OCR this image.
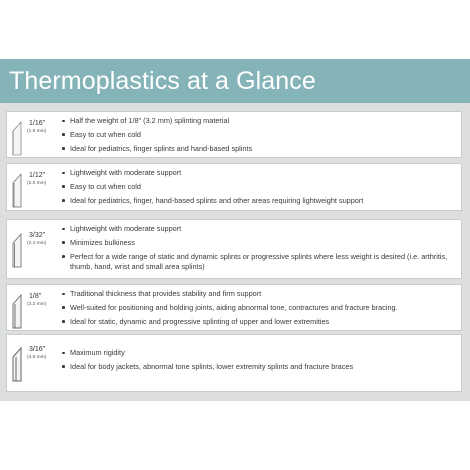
Thermoplastics at a Glance
1/16"
(1.6 mm)
Half the weight of 1/8" (3.2 mm) splinting material
Easy to cut when cold
Ideal for pediatrics, finger splints and hand-based splints
1/12"
(2.0 mm)
Lightweight with moderate support
Easy to cut when cold
Ideal for pediatrics, finger, hand-based splints and other areas requiring lightweight support
3/32"
(2.4 mm)
Lightweight with moderate support
Minimizes bulkiness
Perfect for a wide range of static and dynamic splints or progressive splints where less weight is desired (i.e. arthritis, thumb, hand, wrist and small area splints)
1/8"
(3.2 mm)
Traditional thickness that provides stability and firm support
Well-suited for positioning and holding joints, aiding abnormal tone, contractures and fracture bracing.
Ideal for static, dynamic and progressive splinting of upper and lower extremities
3/16"
(4.8 mm)
Maximum rigidity
Ideal for body jackets, abnormal tone splints, lower extremity splints and fracture braces
